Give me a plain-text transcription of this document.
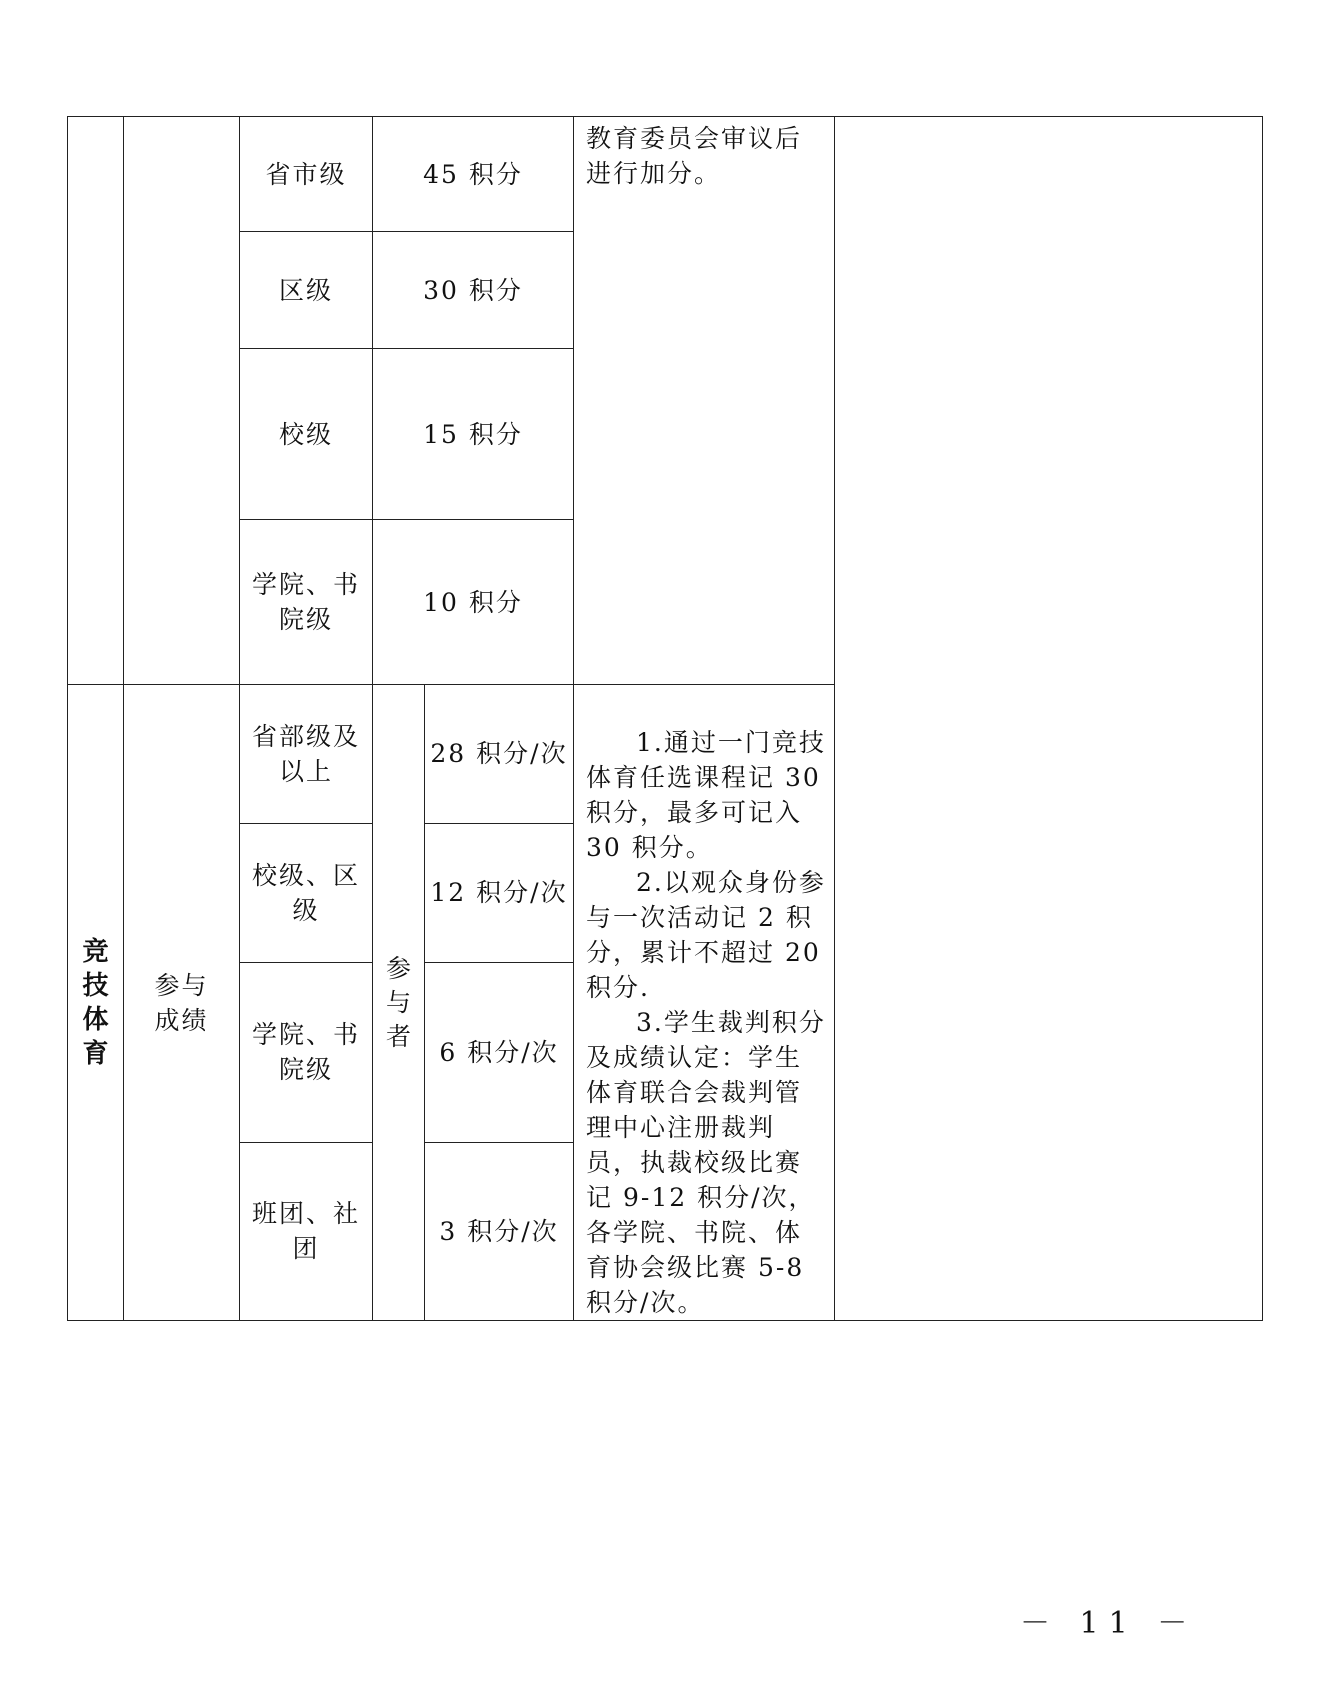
		省市级	45 积分		教育委员会审议后进行加分。	
		区级	30 积分			
		校级	15 积分			
		学院、书院级	10 积分			
竞技体育	参与成绩	省部级及以上	参与者	28 积分/次	1.通过一门竞技体育任选课程记 30 积分，最多可记入 30 积分。

2.以观众身份参与一次活动记 2 积分，累计不超过 20 积分.

3.学生裁判积分及成绩认定：学生体育联合会裁判管理中心注册裁判员，执裁校级比赛记 9-12 积分/次，各学院、书院、体育协会级比赛 5-8 积分/次。	

		校级、区级		12 积分/次		
		学院、书院级		6 积分/次		
		班团、社团		3 积分/次		
－ 11 －
